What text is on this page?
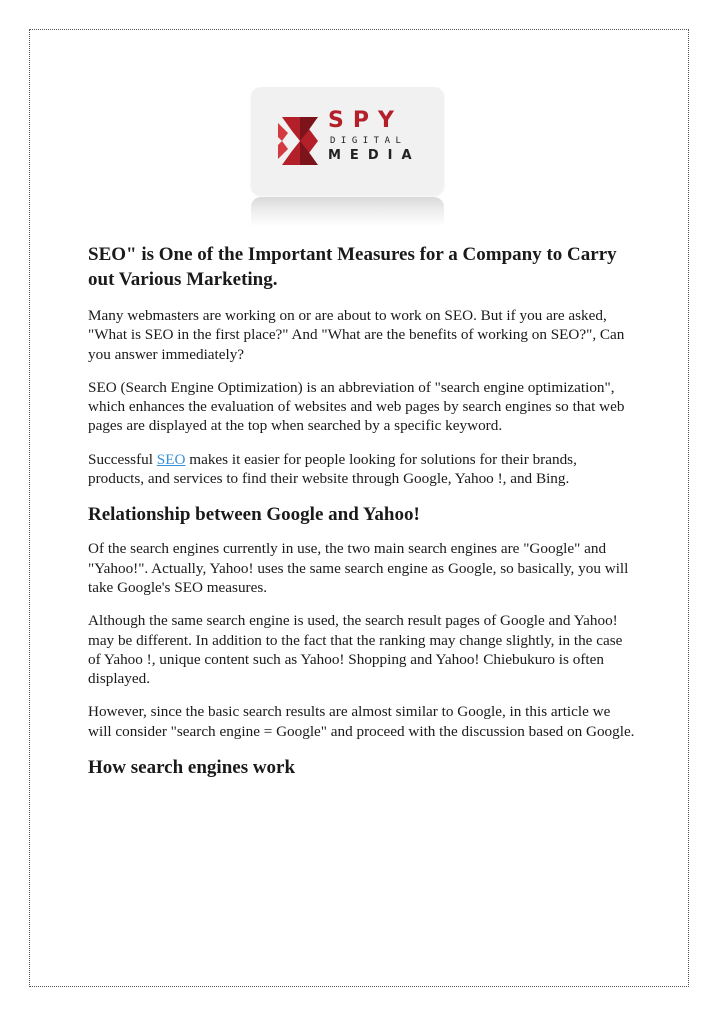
SPY
DIGITAL
MEDIA
SEO" is One of the Important Measures for a Company to Carry out Various Marketing.

Many webmasters are working on or are about to work on SEO. But if you are asked, "What is SEO in the first place?" And "What are the benefits of working on SEO?", Can you answer immediately?

SEO (Search Engine Optimization) is an abbreviation of "search engine optimization", which enhances the evaluation of websites and web pages by search engines so that web pages are displayed at the top when searched by a specific keyword.

Successful SEO makes it easier for people looking for solutions for their brands, products, and services to find their website through Google, Yahoo !, and Bing.

Relationship between Google and Yahoo!

Of the search engines currently in use, the two main search engines are "Google" and "Yahoo!". Actually, Yahoo! uses the same search engine as Google, so basically, you will take Google's SEO measures.

Although the same search engine is used, the search result pages of Google and Yahoo! may be different. In addition to the fact that the ranking may change slightly, in the case of Yahoo !, unique content such as Yahoo! Shopping and Yahoo! Chiebukuro is often displayed.

However, since the basic search results are almost similar to Google, in this article we will consider "search engine = Google" and proceed with the discussion based on Google.

How search engines work
